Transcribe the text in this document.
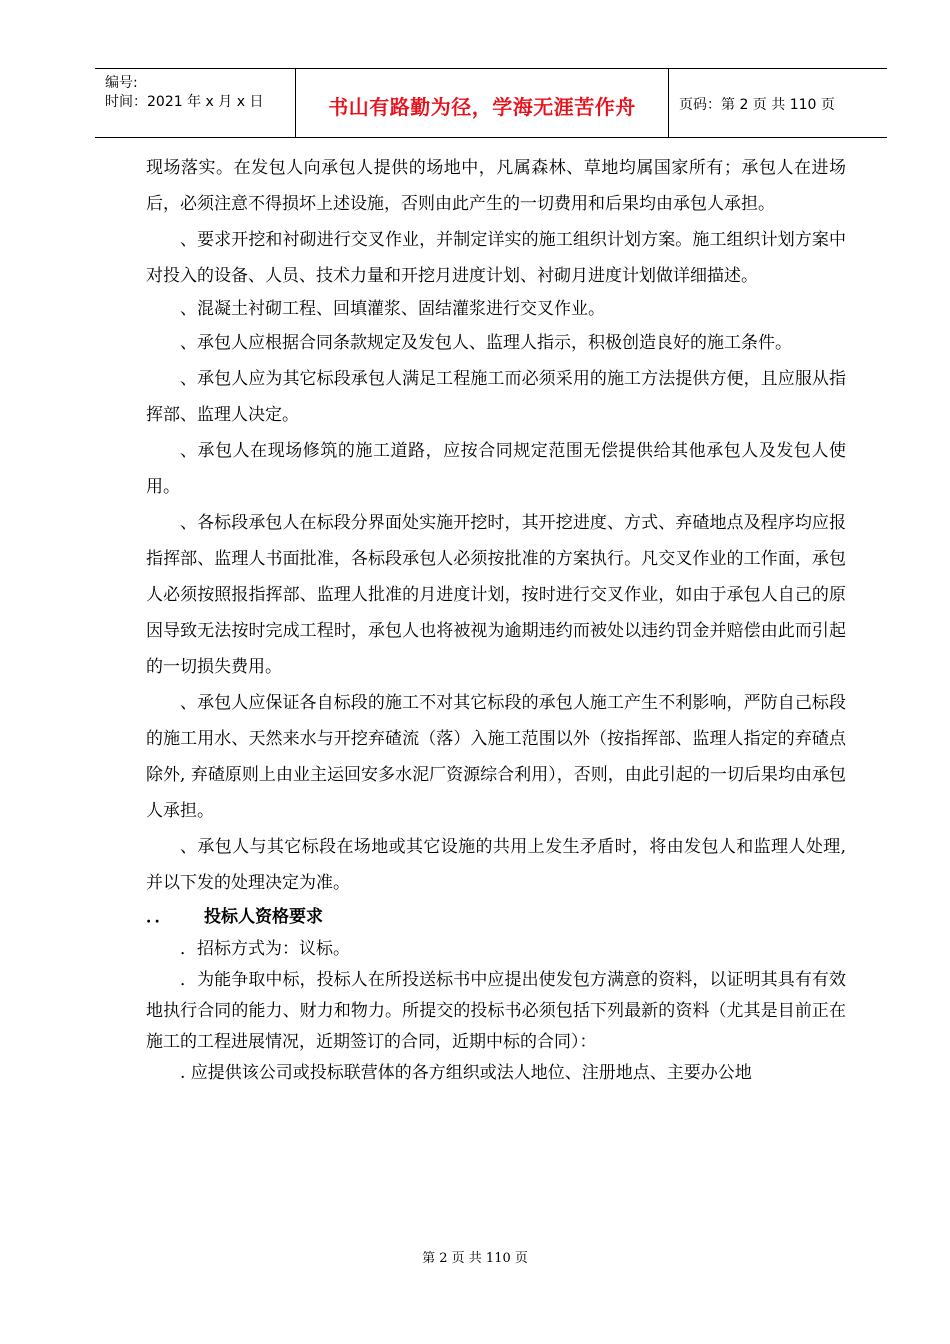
编号:
时间：2021 年 x 月 x 日	书山有路勤为径，学海无涯苦作舟	页码：第 2 页 共 110 页

现场落实。在发包人向承包人提供的场地中，凡属森林、草地均属国家所有；承包人在进场后，必须注意不得损坏上述设施，否则由此产生的一切费用和后果均由承包人承担。

、要求开挖和衬砌进行交叉作业，并制定详实的施工组织计划方案。施工组织计划方案中对投入的设备、人员、技术力量和开挖月进度计划、衬砌月进度计划做详细描述。

、混凝土衬砌工程、回填灌浆、固结灌浆进行交叉作业。

、承包人应根据合同条款规定及发包人、监理人指示，积极创造良好的施工条件。

、承包人应为其它标段承包人满足工程施工而必须采用的施工方法提供方便，且应服从指挥部、监理人决定。

、承包人在现场修筑的施工道路，应按合同规定范围无偿提供给其他承包人及发包人使用。

、各标段承包人在标段分界面处实施开挖时，其开挖进度、方式、弃碴地点及程序均应报指挥部、监理人书面批准，各标段承包人必须按批准的方案执行。凡交叉作业的工作面，承包人必须按照报指挥部、监理人批准的月进度计划，按时进行交叉作业，如由于承包人自己的原因导致无法按时完成工程时，承包人也将被视为逾期违约而被处以违约罚金并赔偿由此而引起的一切损失费用。

、承包人应保证各自标段的施工不对其它标段的承包人施工产生不利影响，严防自己标段的施工用水、天然来水与开挖弃碴流（落）入施工范围以外（按指挥部、监理人指定的弃碴点除外, 弃碴原则上由业主运回安多水泥厂资源综合利用），否则，由此引起的一切后果均由承包人承担。

、承包人与其它标段在场地或其它设施的共用上发生矛盾时，将由发包人和监理人处理, 并以下发的处理决定为准。

．． 投标人资格要求

．招标方式为：议标。

．为能争取中标，投标人在所投送标书中应提出使发包方满意的资料，以证明其具有有效地执行合同的能力、财力和物力。所提交的投标书必须包括下列最新的资料（尤其是目前正在施工的工程进展情况，近期签订的合同，近期中标的合同）：

. 应提供该公司或投标联营体的各方组织或法人地位、注册地点、主要办公地

第 2 页 共 110 页
